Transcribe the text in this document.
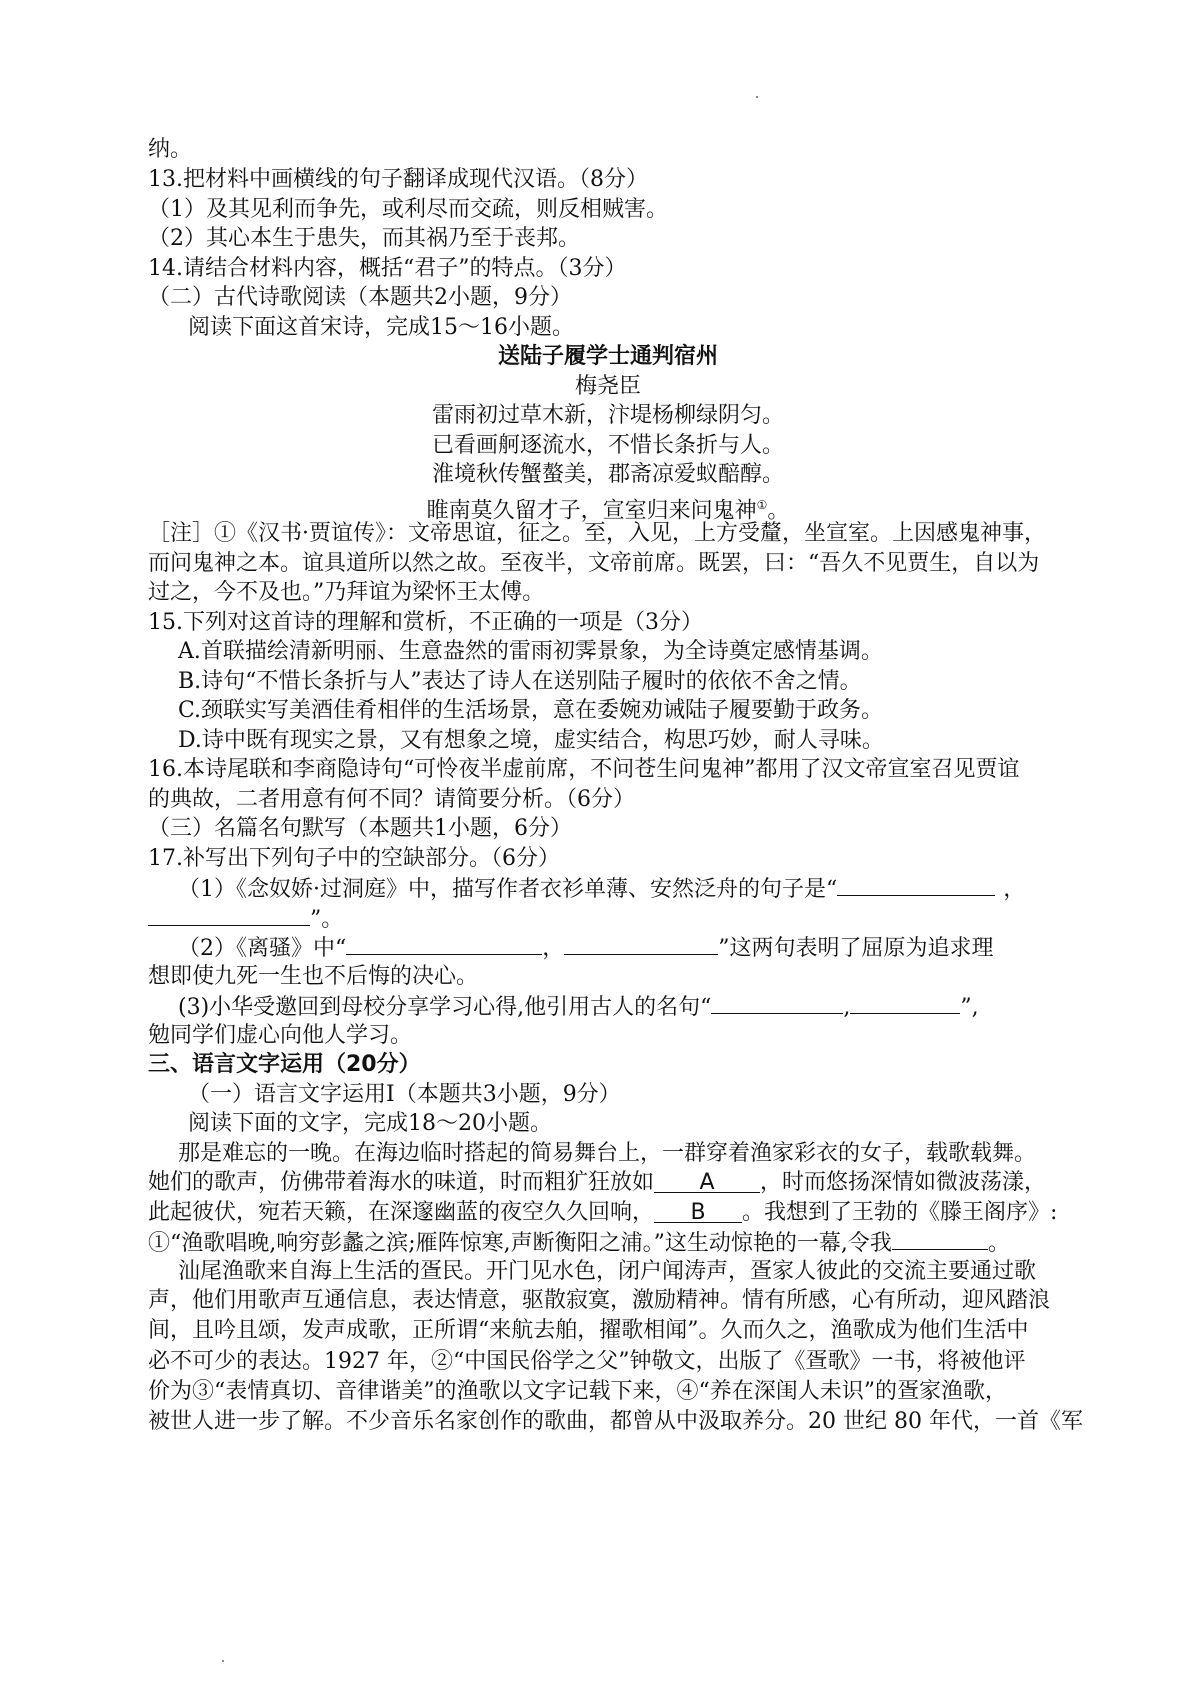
纳。
13.把材料中画横线的句子翻译成现代汉语。（8分）
（1）及其见利而争先，或利尽而交疏，则反相贼害。
（2）其心本生于患失，而其祸乃至于丧邦。
14.请结合材料内容，概括“君子”的特点。（3分）
（二）古代诗歌阅读（本题共2小题，9分）
阅读下面这首宋诗，完成15～16小题。
送陆子履学士通判宿州
梅尧臣
雷雨初过草木新，汴堤杨柳绿阴匀。
已看画舸逐流水，不惜长条折与人。
淮境秋传蟹螯美，郡斋凉爱蚁醅醇。
睢南莫久留才子，宣室归来问鬼神①。
［注］①《汉书·贾谊传》：文帝思谊，征之。至，入见，上方受釐，坐宣室。上因感鬼神事，
而问鬼神之本。谊具道所以然之故。至夜半，文帝前席。既罢，曰：“吾久不见贾生，自以为
过之，今不及也。”乃拜谊为梁怀王太傅。
15.下列对这首诗的理解和赏析，不正确的一项是（3分）
A.首联描绘清新明丽、生意盎然的雷雨初霁景象，为全诗奠定感情基调。
B.诗句“不惜长条折与人”表达了诗人在送别陆子履时的依依不舍之情。
C.颈联实写美酒佳肴相伴的生活场景，意在委婉劝诫陆子履要勤于政务。
D.诗中既有现实之景，又有想象之境，虚实结合，构思巧妙，耐人寻味。
16.本诗尾联和李商隐诗句“可怜夜半虚前席，不问苍生问鬼神”都用了汉文帝宣室召见贾谊
的典故，二者用意有何不同？请简要分析。（6分）
（三）名篇名句默写（本题共1小题，6分）
17.补写出下列句子中的空缺部分。（6分）
（1）《念奴娇·过洞庭》中，描写作者衣衫单薄、安然泛舟的句子是“	，
”。
（2）《离骚》中“	，	”这两句表明了屈原为追求理
想即使九死一生也不后悔的决心。
(3)小华受邀回到母校分享学习心得,他引用古人的名句“	,	”,
勉同学们虚心向他人学习。
三、语言文字运用（20分）
（一）语言文字运用Ⅰ（本题共3小题，9分）
阅读下面的文字，完成18～20小题。
那是难忘的一晚。在海边临时搭起的简易舞台上，一群穿着渔家彩衣的女子，载歌载舞。
她们的歌声，仿佛带着海水的味道，时而粗犷狂放如 A ，时而悠扬深情如微波荡漾，
此起彼伏，宛若天籁，在深邃幽蓝的夜空久久回响， B 。我想到了王勃的《滕王阁序》:
①“渔歌唱晚,响穷彭蠡之滨;雁阵惊寒,声断衡阳之浦。”这生动惊艳的一幕,令我	。
汕尾渔歌来自海上生活的疍民。开门见水色，闭户闻涛声，疍家人彼此的交流主要通过歌
声，他们用歌声互通信息，表达情意，驱散寂寞，激励精神。情有所感，心有所动，迎风踏浪
间，且吟且颂，发声成歌，正所谓“来航去舶，擢歌相闻”。久而久之，渔歌成为他们生活中
必不可少的表达。1927 年，②“中国民俗学之父”钟敬文，出版了《疍歌》一书，将被他评
价为③“表情真切、音律谐美”的渔歌以文字记载下来，④“养在深闺人未识”的疍家渔歌，
被世人进一步了解。不少音乐名家创作的歌曲，都曾从中汲取养分。20 世纪 80 年代，一首《军
